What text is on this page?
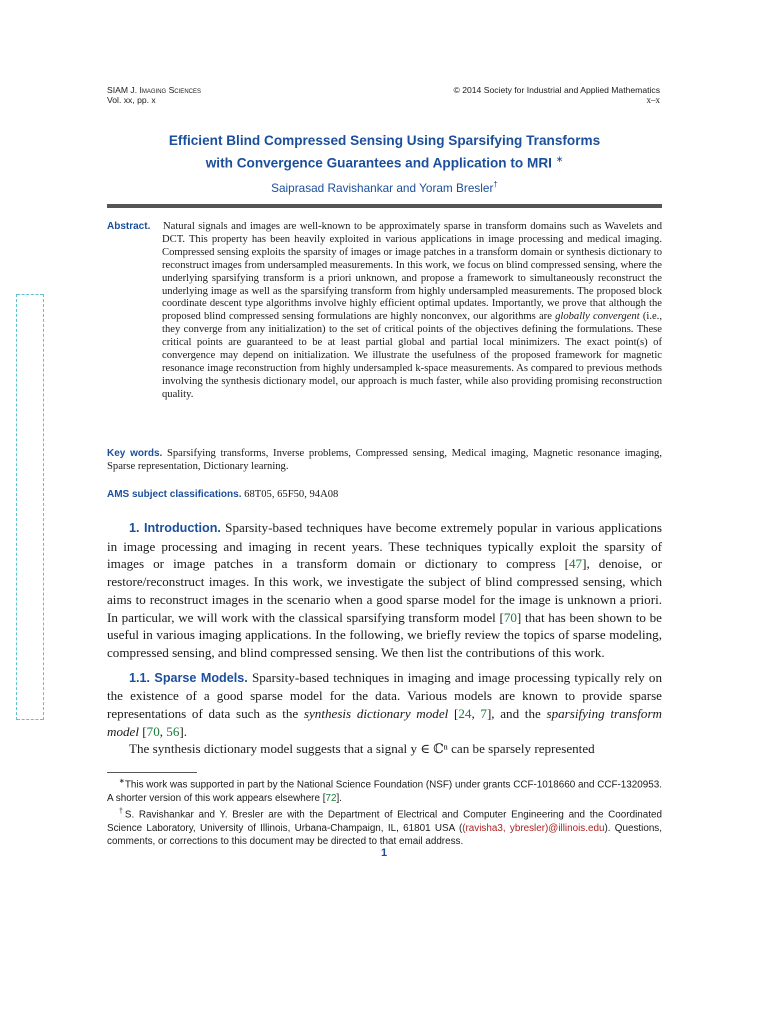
SIAM J. Imaging Sciences
Vol. xx, pp. x
© 2014 Society for Industrial and Applied Mathematics
x–x
Efficient Blind Compressed Sensing Using Sparsifying Transforms
with Convergence Guarantees and Application to MRI ∗
Saiprasad Ravishankar and Yoram Bresler†
Abstract.	Natural signals and images are well-known to be approximately sparse in transform domains such as Wavelets and DCT. This property has been heavily exploited in various applications in image processing and medical imaging. Compressed sensing exploits the sparsity of images or image patches in a transform domain or synthesis dictionary to reconstruct images from undersampled measurements. In this work, we focus on blind compressed sensing, where the underlying sparsifying transform is a priori unknown, and propose a framework to simultaneously reconstruct the underlying image as well as the sparsifying transform from highly undersampled measurements. The proposed block coordinate descent type algorithms involve highly efficient optimal updates. Importantly, we prove that although the proposed blind compressed sensing formulations are highly nonconvex, our algorithms are globally convergent (i.e., they converge from any initialization) to the set of critical points of the objectives defining the formulations. These critical points are guaranteed to be at least partial global and partial local minimizers. The exact point(s) of convergence may depend on initialization. We illustrate the usefulness of the proposed framework for magnetic resonance image reconstruction from highly undersampled k-space measurements. As compared to previous methods involving the synthesis dictionary model, our approach is much faster, while also providing promising reconstruction quality.
Key words. Sparsifying transforms, Inverse problems, Compressed sensing, Medical imaging, Magnetic resonance imaging, Sparse representation, Dictionary learning.
AMS subject classifications. 68T05, 65F50, 94A08

1. Introduction. Sparsity-based techniques have become extremely popular in various applications in image processing and imaging in recent years. These techniques typically exploit the sparsity of images or image patches in a transform domain or dictionary to compress [47], denoise, or restore/reconstruct images. In this work, we investigate the subject of blind compressed sensing, which aims to reconstruct images in the scenario when a good sparse model for the image is unknown a priori. In particular, we will work with the classical sparsifying transform model [70] that has been shown to be useful in various imaging applications. In the following, we briefly review the topics of sparse modeling, compressed sensing, and blind compressed sensing. We then list the contributions of this work.

1.1. Sparse Models. Sparsity-based techniques in imaging and image processing typically rely on the existence of a good sparse model for the data. Various models are known to provide sparse representations of data such as the synthesis dictionary model [24, 7], and the sparsifying transform model [70, 56].

The synthesis dictionary model suggests that a signal y ∈ ℂⁿ can be sparsely represented

∗This work was supported in part by the National Science Foundation (NSF) under grants CCF-1018660 and CCF-1320953. A shorter version of this work appears elsewhere [72].

†S. Ravishankar and Y. Bresler are with the Department of Electrical and Computer Engineering and the Coordinated Science Laboratory, University of Illinois, Urbana-Champaign, IL, 61801 USA ((ravisha3, ybresler)@illinois.edu). Questions, comments, or corrections to this document may be directed to that email address.

1
